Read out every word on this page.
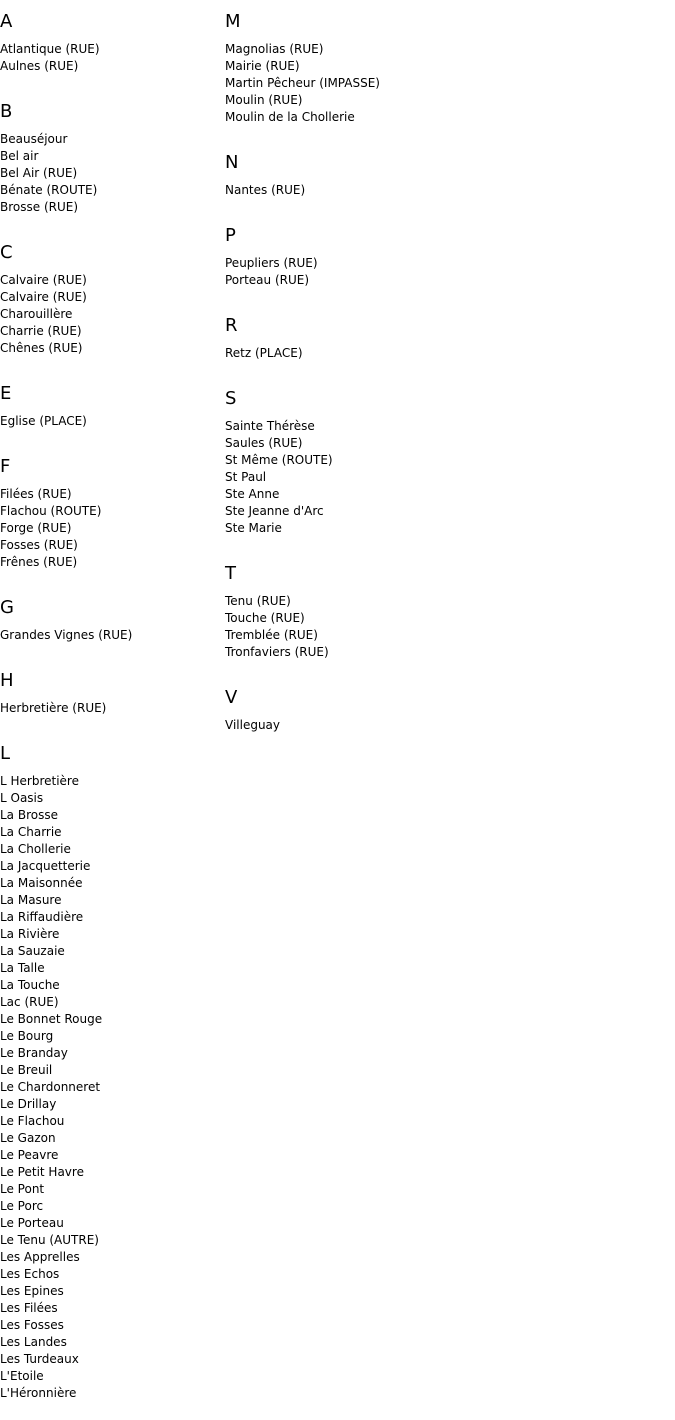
A
Atlantique (RUE)
Aulnes (RUE)
B
Beauséjour
Bel air
Bel Air (RUE)
Bénate (ROUTE)
Brosse (RUE)
C
Calvaire (RUE)
Calvaire (RUE)
Charouillère
Charrie (RUE)
Chênes (RUE)
E
Eglise (PLACE)
F
Filées (RUE)
Flachou (ROUTE)
Forge (RUE)
Fosses (RUE)
Frênes (RUE)
G
Grandes Vignes (RUE)
H
Herbretière (RUE)
L
L Herbretière
L Oasis
La Brosse
La Charrie
La Chollerie
La Jacquetterie
La Maisonnée
La Masure
La Riffaudière
La Rivière
La Sauzaie
La Talle
La Touche
Lac (RUE)
Le Bonnet Rouge
Le Bourg
Le Branday
Le Breuil
Le Chardonneret
Le Drillay
Le Flachou
Le Gazon
Le Peavre
Le Petit Havre
Le Pont
Le Porc
Le Porteau
Le Tenu (AUTRE)
Les Apprelles
Les Echos
Les Epines
Les Filées
Les Fosses
Les Landes
Les Turdeaux
L'Etoile
L'Héronnière
M
Magnolias (RUE)
Mairie (RUE)
Martin Pêcheur (IMPASSE)
Moulin (RUE)
Moulin de la Chollerie
N
Nantes (RUE)
P
Peupliers (RUE)
Porteau (RUE)
R
Retz (PLACE)
S
Sainte Thérèse
Saules (RUE)
St Même (ROUTE)
St Paul
Ste Anne
Ste Jeanne d'Arc
Ste Marie
T
Tenu (RUE)
Touche (RUE)
Tremblée (RUE)
Tronfaviers (RUE)
V
Villeguay
